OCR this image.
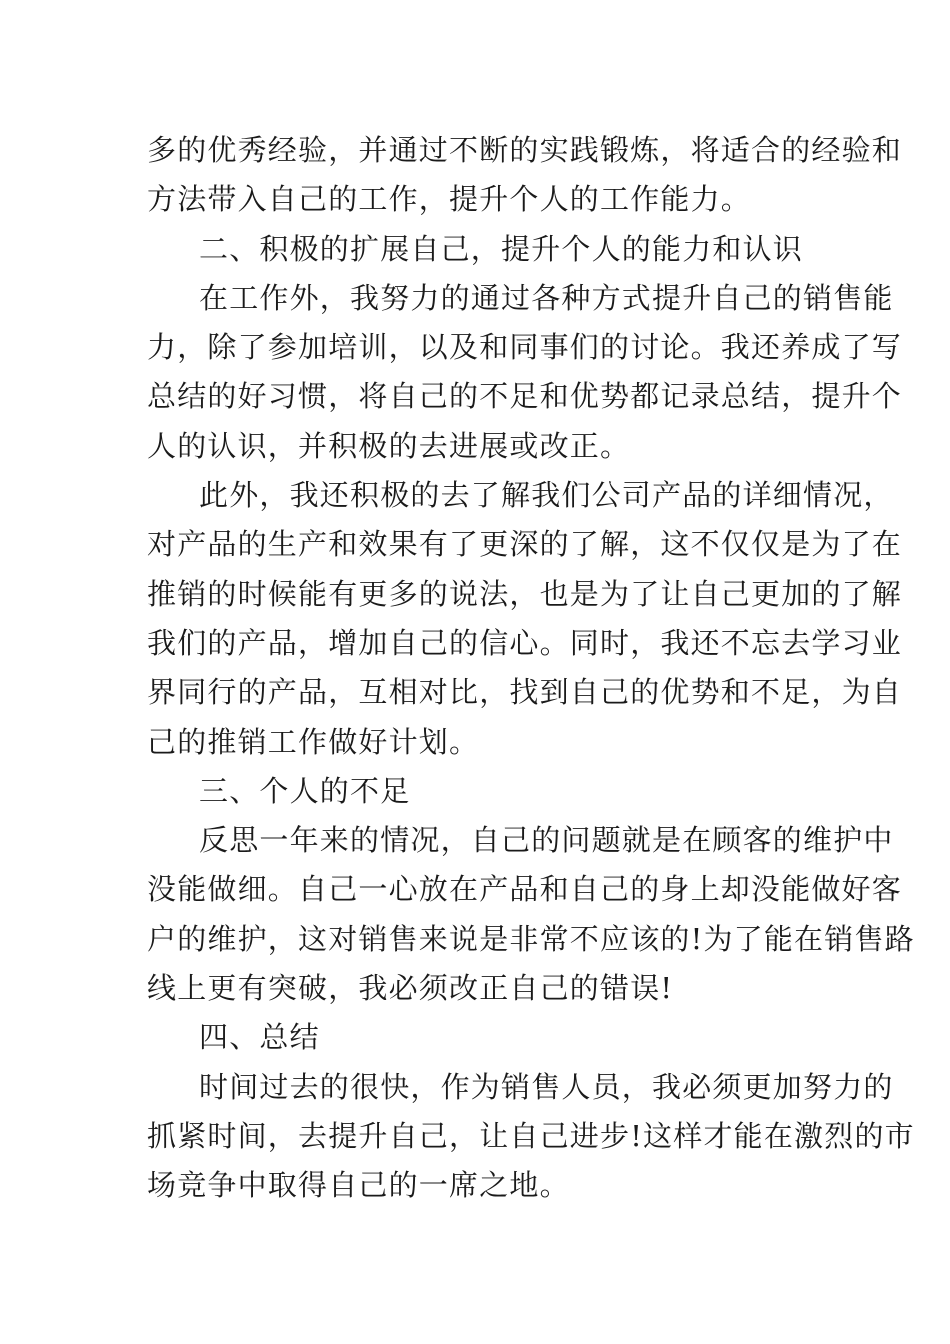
多的优秀经验，并通过不断的实践锻炼，将适合的经验和
方法带入自己的工作，提升个人的工作能力。
二、积极的扩展自己，提升个人的能力和认识
在工作外，我努力的通过各种方式提升自己的销售能
力，除了参加培训，以及和同事们的讨论。我还养成了写
总结的好习惯，将自己的不足和优势都记录总结，提升个
人的认识，并积极的去进展或改正。
此外，我还积极的去了解我们公司产品的详细情况，
对产品的生产和效果有了更深的了解，这不仅仅是为了在
推销的时候能有更多的说法，也是为了让自己更加的了解
我们的产品，增加自己的信心。同时，我还不忘去学习业
界同行的产品，互相对比，找到自己的优势和不足，为自
己的推销工作做好计划。
三、个人的不足
反思一年来的情况，自己的问题就是在顾客的维护中
没能做细。自己一心放在产品和自己的身上却没能做好客
户的维护，这对销售来说是非常不应该的!为了能在销售路
线上更有突破，我必须改正自己的错误!
四、总结
时间过去的很快，作为销售人员，我必须更加努力的
抓紧时间，去提升自己，让自己进步!这样才能在激烈的市
场竞争中取得自己的一席之地。
